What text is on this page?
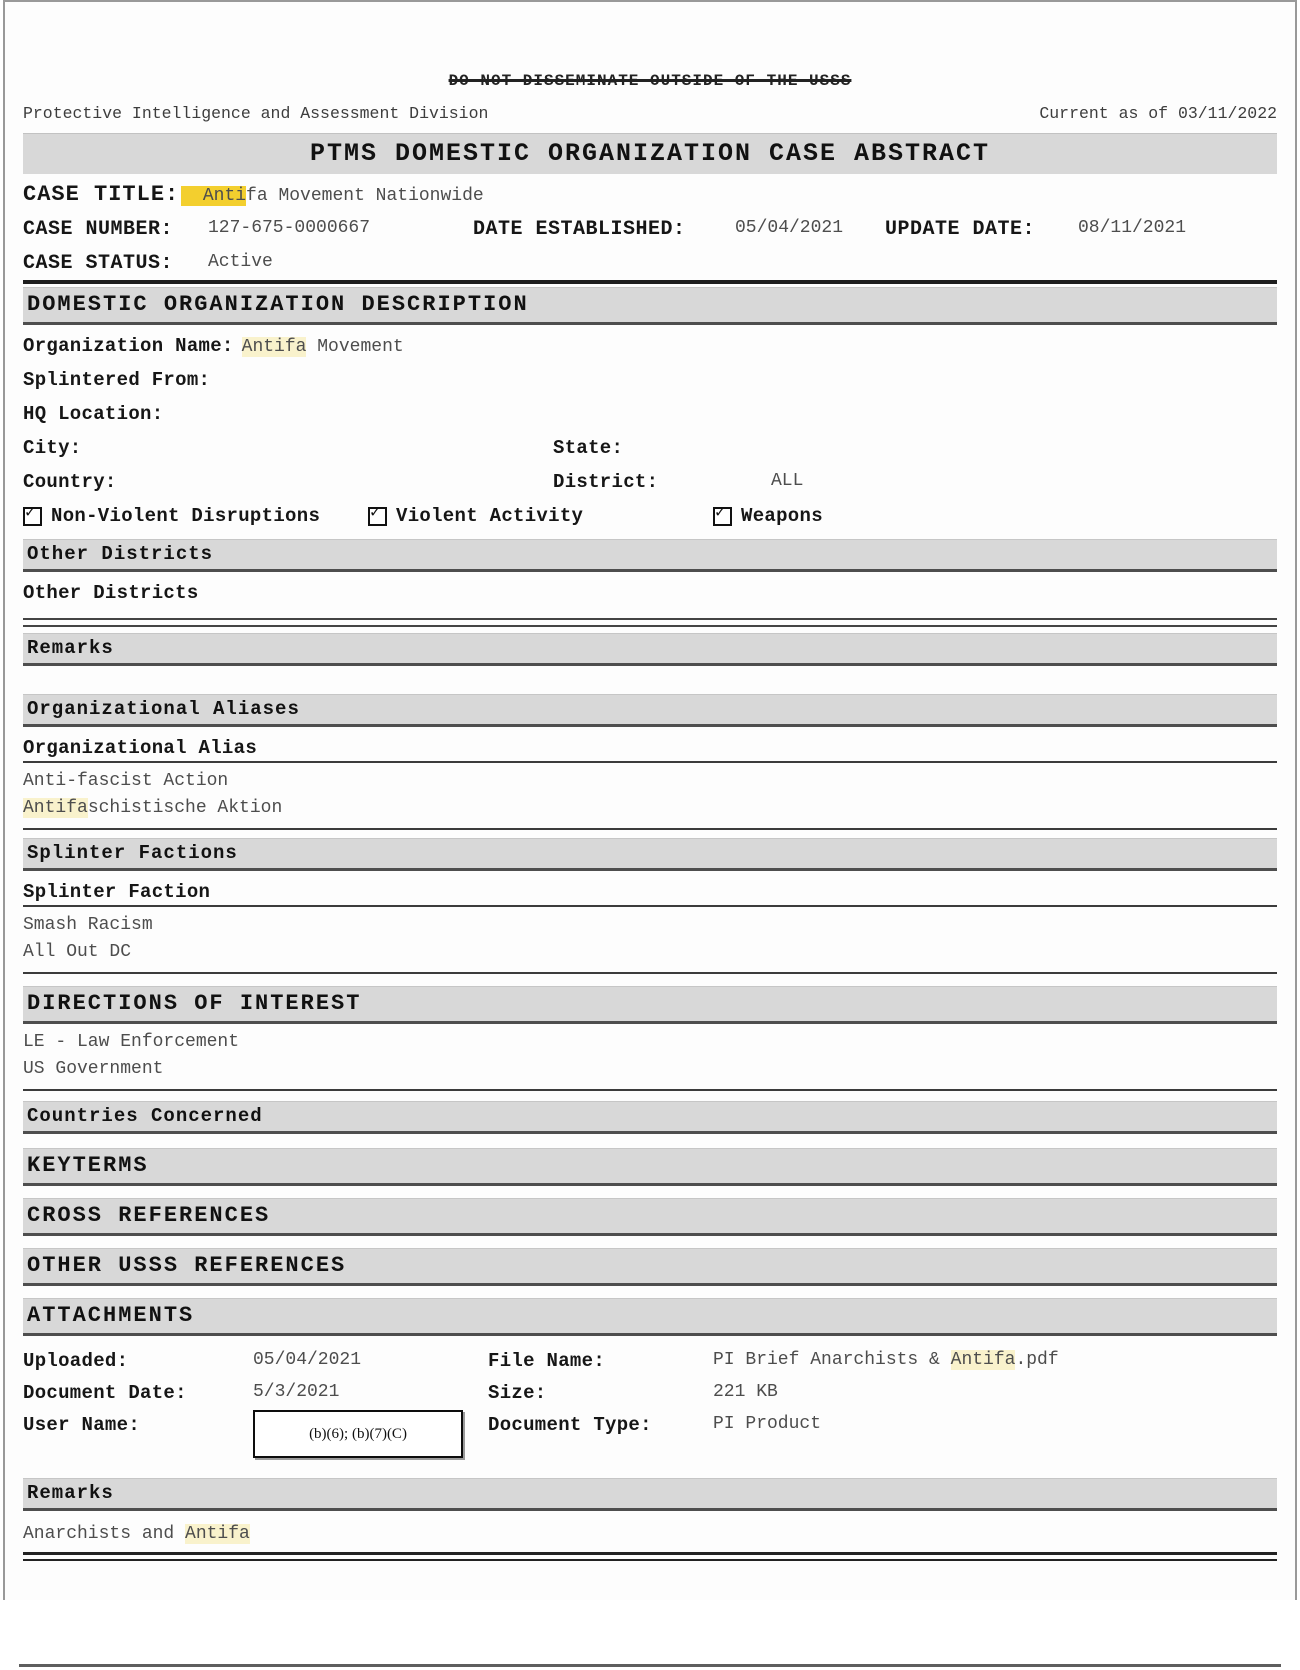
DO NOT DISSEMINATE OUTSIDE OF THE USSS
Protective Intelligence and Assessment Division	Current as of 03/11/2022
PTMS DOMESTIC ORGANIZATION CASE ABSTRACT
CASE TITLE:  Antifa Movement Nationwide
CASE NUMBER: 127-675-0000667	DATE ESTABLISHED:	05/04/2021 UPDATE DATE: 08/11/2021
CASE STATUS: Active
DOMESTIC ORGANIZATION DESCRIPTION
Organization Name: Antifa Movement
Splintered From:
HQ Location:
City:	State:
Country:	District:	ALL
✓ Non-Violent Disruptions	✓ Violent Activity	✓ Weapons
Other Districts
Other Districts
Remarks
Organizational Aliases
Organizational Alias
Anti-fascist Action
Antifaschistische Aktion
Splinter Factions
Splinter Faction
Smash Racism
All Out DC
DIRECTIONS OF INTEREST
LE - Law Enforcement
US Government
Countries Concerned
KEYTERMS
CROSS REFERENCES
OTHER USSS REFERENCES
ATTACHMENTS
Uploaded:	05/04/2021	File Name:	PI Brief Anarchists & Antifa.pdf
Document Date:	5/3/2021	Size:	221 KB
User Name:	(b)(6); (b)(7)(C)	Document Type:	PI Product
Remarks
Anarchists and Antifa
